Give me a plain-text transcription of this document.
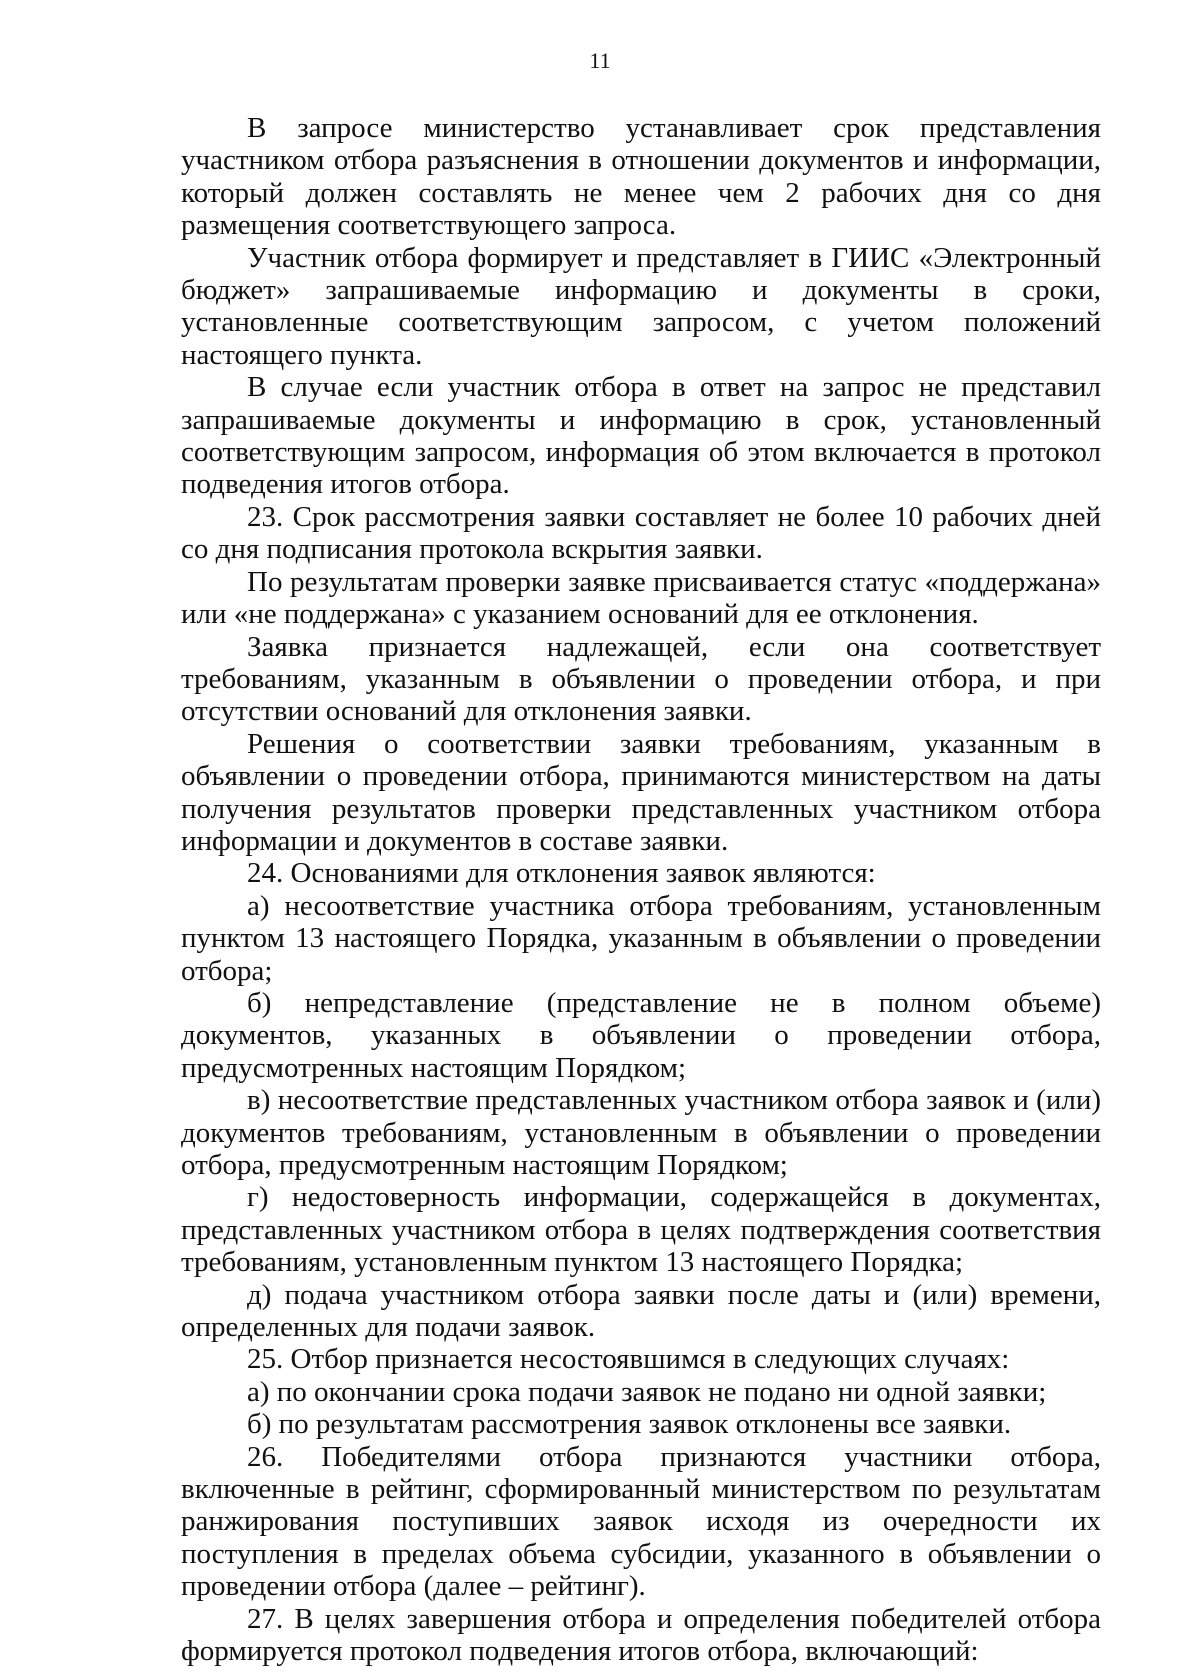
11

В запросе министерство устанавливает срок представления участником отбора разъяснения в отношении документов и информации, который должен составлять не менее чем 2 рабочих дня со дня размещения соответствующего запроса.

Участник отбора формирует и представляет в ГИИС «Электронный бюджет» запрашиваемые информацию и документы в сроки, установленные соответствующим запросом, с учетом положений настоящего пункта.

В случае если участник отбора в ответ на запрос не представил запрашиваемые документы и информацию в срок, установленный соответствующим запросом, информация об этом включается в протокол подведения итогов отбора.

23. Срок рассмотрения заявки составляет не более 10 рабочих дней со дня подписания протокола вскрытия заявки.

По результатам проверки заявке присваивается статус «поддержана» или «не поддержана» с указанием оснований для ее отклонения.

Заявка признается надлежащей, если она соответствует требованиям, указанным в объявлении о проведении отбора, и при отсутствии оснований для отклонения заявки.

Решения о соответствии заявки требованиям, указанным в объявлении о проведении отбора, принимаются министерством на даты получения результатов проверки представленных участником отбора информации и документов в составе заявки.

24. Основаниями для отклонения заявок являются:

а) несоответствие участника отбора требованиям, установленным пунктом 13 настоящего Порядка, указанным в объявлении о проведении отбора;

б) непредставление (представление не в полном объеме) документов, указанных в объявлении о проведении отбора, предусмотренных настоящим Порядком;

в) несоответствие представленных участником отбора заявок и (или) документов требованиям, установленным в объявлении о проведении отбора, предусмотренным настоящим Порядком;

г) недостоверность информации, содержащейся в документах, представленных участником отбора в целях подтверждения соответствия требованиям, установленным пунктом 13 настоящего Порядка;

д) подача участником отбора заявки после даты и (или) времени, определенных для подачи заявок.

25. Отбор признается несостоявшимся в следующих случаях:

а) по окончании срока подачи заявок не подано ни одной заявки;

б) по результатам рассмотрения заявок отклонены все заявки.

26. Победителями отбора признаются участники отбора, включенные в рейтинг, сформированный министерством по результатам ранжирования поступивших заявок исходя из очередности их поступления в пределах объема субсидии, указанного в объявлении о проведении отбора (далее – рейтинг).

27. В целях завершения отбора и определения победителей отбора формируется протокол подведения итогов отбора, включающий:
